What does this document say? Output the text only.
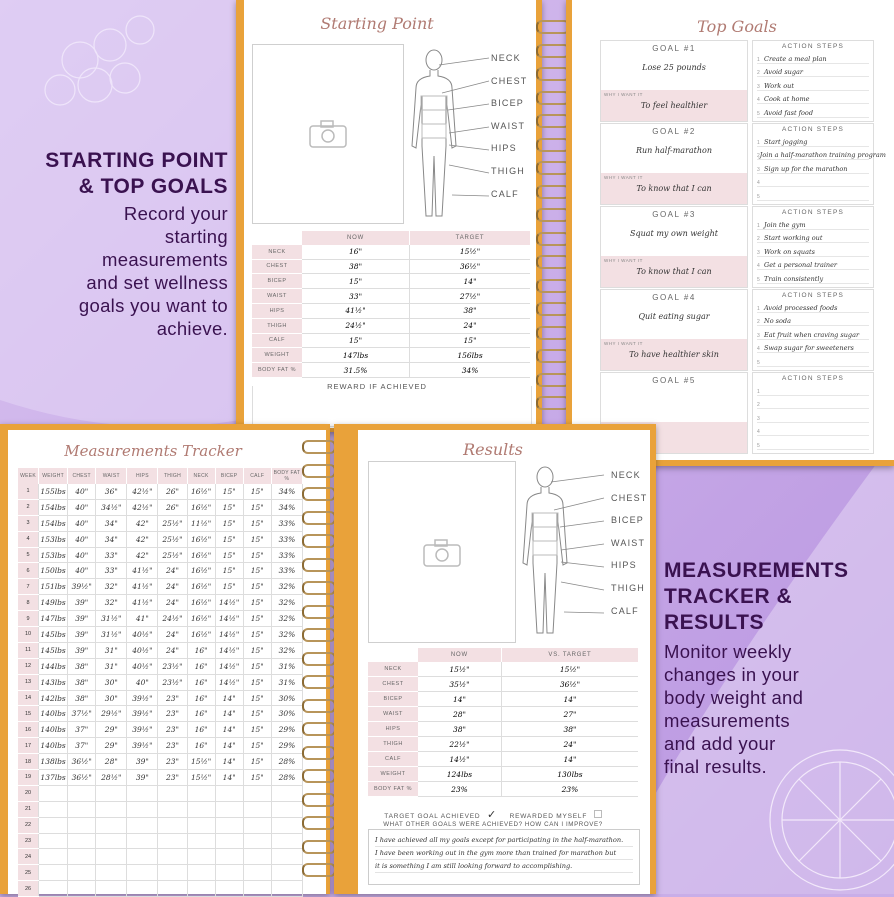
STARTING POINT
& TOP GOALS

Record your
starting
measurements
and set wellness
goals you want to
achieve.

MEASUREMENTS
TRACKER &
RESULTS

Monitor weekly
changes in your
body weight and
measurements
and add your
final results.

Starting Point
NECK
CHEST
BICEP
WAIST
HIPS
THIGH
CALF
	NOW	TARGET
NECK	16"	15½"
CHEST	38"	36½"
BICEP	15"	14"
WAIST	33"	27½"
HIPS	41½"	38"
THIGH	24½"	24"
CALF	15"	15"
WEIGHT	147lbs	156lbs
BODY FAT %	31.5%	34%
REWARD IF ACHIEVED
Top Goals
GOAL #1
Lose 25 pounds
WHY I WANT IT
To feel healthier
ACTION STEPS
1 Create a meal plan
2 Avoid sugar
3 Work out
4 Cook at home
5 Avoid fast food
GOAL #2
Run half-marathon
WHY I WANT IT
To know that I can
ACTION STEPS
1 Start jogging
2 Join a half-marathon training program
3 Sign up for the marathon
4
5
GOAL #3
Squat my own weight
WHY I WANT IT
To know that I can
ACTION STEPS
1 Join the gym
2 Start working out
3 Work on squats
4 Get a personal trainer
5 Train consistently
GOAL #4
Quit eating sugar
WHY I WANT IT
To have healthier skin
ACTION STEPS
1 Avoid processed foods
2 No soda
3 Eat fruit when craving sugar
4 Swap sugar for sweeteners
5
GOAL #5	ACTION STEPS
1
2
3
4
5
Measurements Tracker
WEEK	WEIGHT	CHEST	WAIST	HIPS	THIGH	NECK	BICEP	CALF	BODY FAT %
1	155lbs	40"	36"	42½"	26"	16½"	15"	15"	34%
2	154lbs	40"	34½"	42½"	26"	16½"	15"	15"	34%
3	154lbs	40"	34"	42"	25½"	11½"	15"	15"	33%
4	153lbs	40"	34"	42"	25½"	16½"	15"	15"	33%
5	153lbs	40"	33"	42"	25½"	16½"	15"	15"	33%
6	150lbs	40"	33"	41½"	24"	16½"	15"	15"	33%
7	151lbs	39½"	32"	41½"	24"	16½"	15"	15"	32%
8	149lbs	39"	32"	41½"	24"	16½"	14½"	15"	32%
9	147lbs	39"	31½"	41"	24½"	16½"	14½"	15"	32%
10	145lbs	39"	31½"	40½"	24"	16½"	14½"	15"	32%
11	145lbs	39"	31"	40½"	24"	16"	14½"	15"	32%
12	144lbs	38"	31"	40½"	23½"	16"	14½"	15"	31%
13	143lbs	38"	30"	40"	23½"	16"	14½"	15"	31%
14	142lbs	38"	30"	39½"	23"	16"	14"	15"	30%
15	140lbs	37½"	29½"	39½"	23"	16"	14"	15"	30%
16	140lbs	37"	29"	39½"	23"	16"	14"	15"	29%
17	140lbs	37"	29"	39½"	23"	16"	14"	15"	29%
18	138lbs	36½"	28"	39"	23"	15½"	14"	15"	28%
19	137lbs	36½"	28½"	39"	23"	15½"	14"	15"	28%
20									
21									
22									
23									
24									
25									
26									
Results
NECK
CHEST
BICEP
WAIST
HIPS
THIGH
CALF
	NOW	VS. TARGET
NECK	15½"	15½"
CHEST	35½"	36½"
BICEP	14"	14"
WAIST	28"	27"
HIPS	38"	38"
THIGH	22½"	24"
CALF	14½"	14"
WEIGHT	124lbs	130lbs
BODY FAT %	23%	23%
TARGET GOAL ACHIEVED ✓ REWARDED MYSELF
WHAT OTHER GOALS WERE ACHIEVED? HOW CAN I IMPROVE?
I have achieved all my goals except for participating in the half-marathon.
I have been working out in the gym more than trained for marathon but
it is something I am still looking forward to accomplishing.
